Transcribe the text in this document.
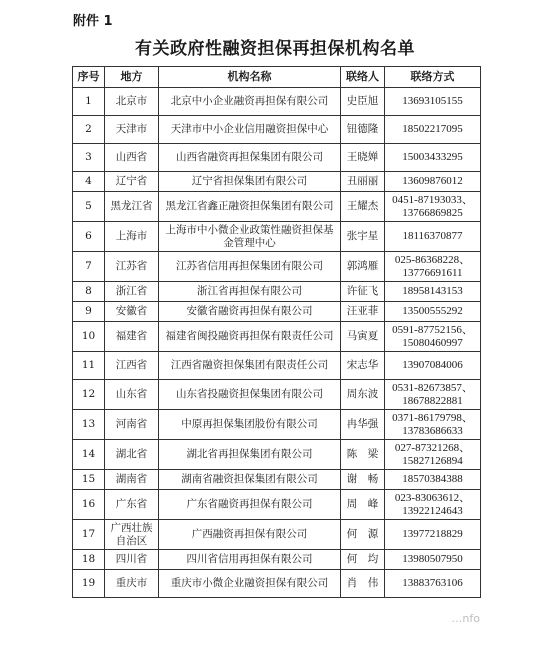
附件 1
有关政府性融资担保再担保机构名单
序号	地方	机构名称	联络人	联络方式
1	北京市	北京中小企业融资再担保有限公司	史臣旭	13693105155
2	天津市	天津市中小企业信用融资担保中心	钮德隆	18502217095
3	山西省	山西省融资再担保集团有限公司	王晓婵	15003433295
4	辽宁省	辽宁省担保集团有限公司	丑丽丽	13609876012
5	黑龙江省	黑龙江省鑫正融资担保集团有限公司	王耀杰	0451-87193033、13766869825
6	上海市	上海市中小微企业政策性融资担保基金管理中心	张宇星	18116370877
7	江苏省	江苏省信用再担保集团有限公司	郭鸿雁	025-86368228、13776691611
8	浙江省	浙江省再担保有限公司	许征飞	18958143153
9	安徽省	安徽省融资再担保有限公司	汪亚菲	13500555292
10	福建省	福建省闽投融资再担保有限责任公司	马寅夏	0591-87752156、15080460997
11	江西省	江西省融资担保集团有限责任公司	宋志华	13907084006
12	山东省	山东省投融资担保集团有限公司	周东波	0531-82673857、18678822881
13	河南省	中原再担保集团股份有限公司	冉华强	0371-86179798、13783686633
14	湖北省	湖北省再担保集团有限公司	陈　梁	027-87321268、15827126894
15	湖南省	湖南省融资担保集团有限公司	谢　畅	18570384388
16	广东省	广东省融资再担保有限公司	周　峰	023-83063612、13922124643
17	广西壮族自治区	广西融资再担保有限公司	何　源	13977218829
18	四川省	四川省信用再担保有限公司	何　均	13980507950
19	重庆市	重庆市小微企业融资担保有限公司	肖　伟	13883763106
…nfo
